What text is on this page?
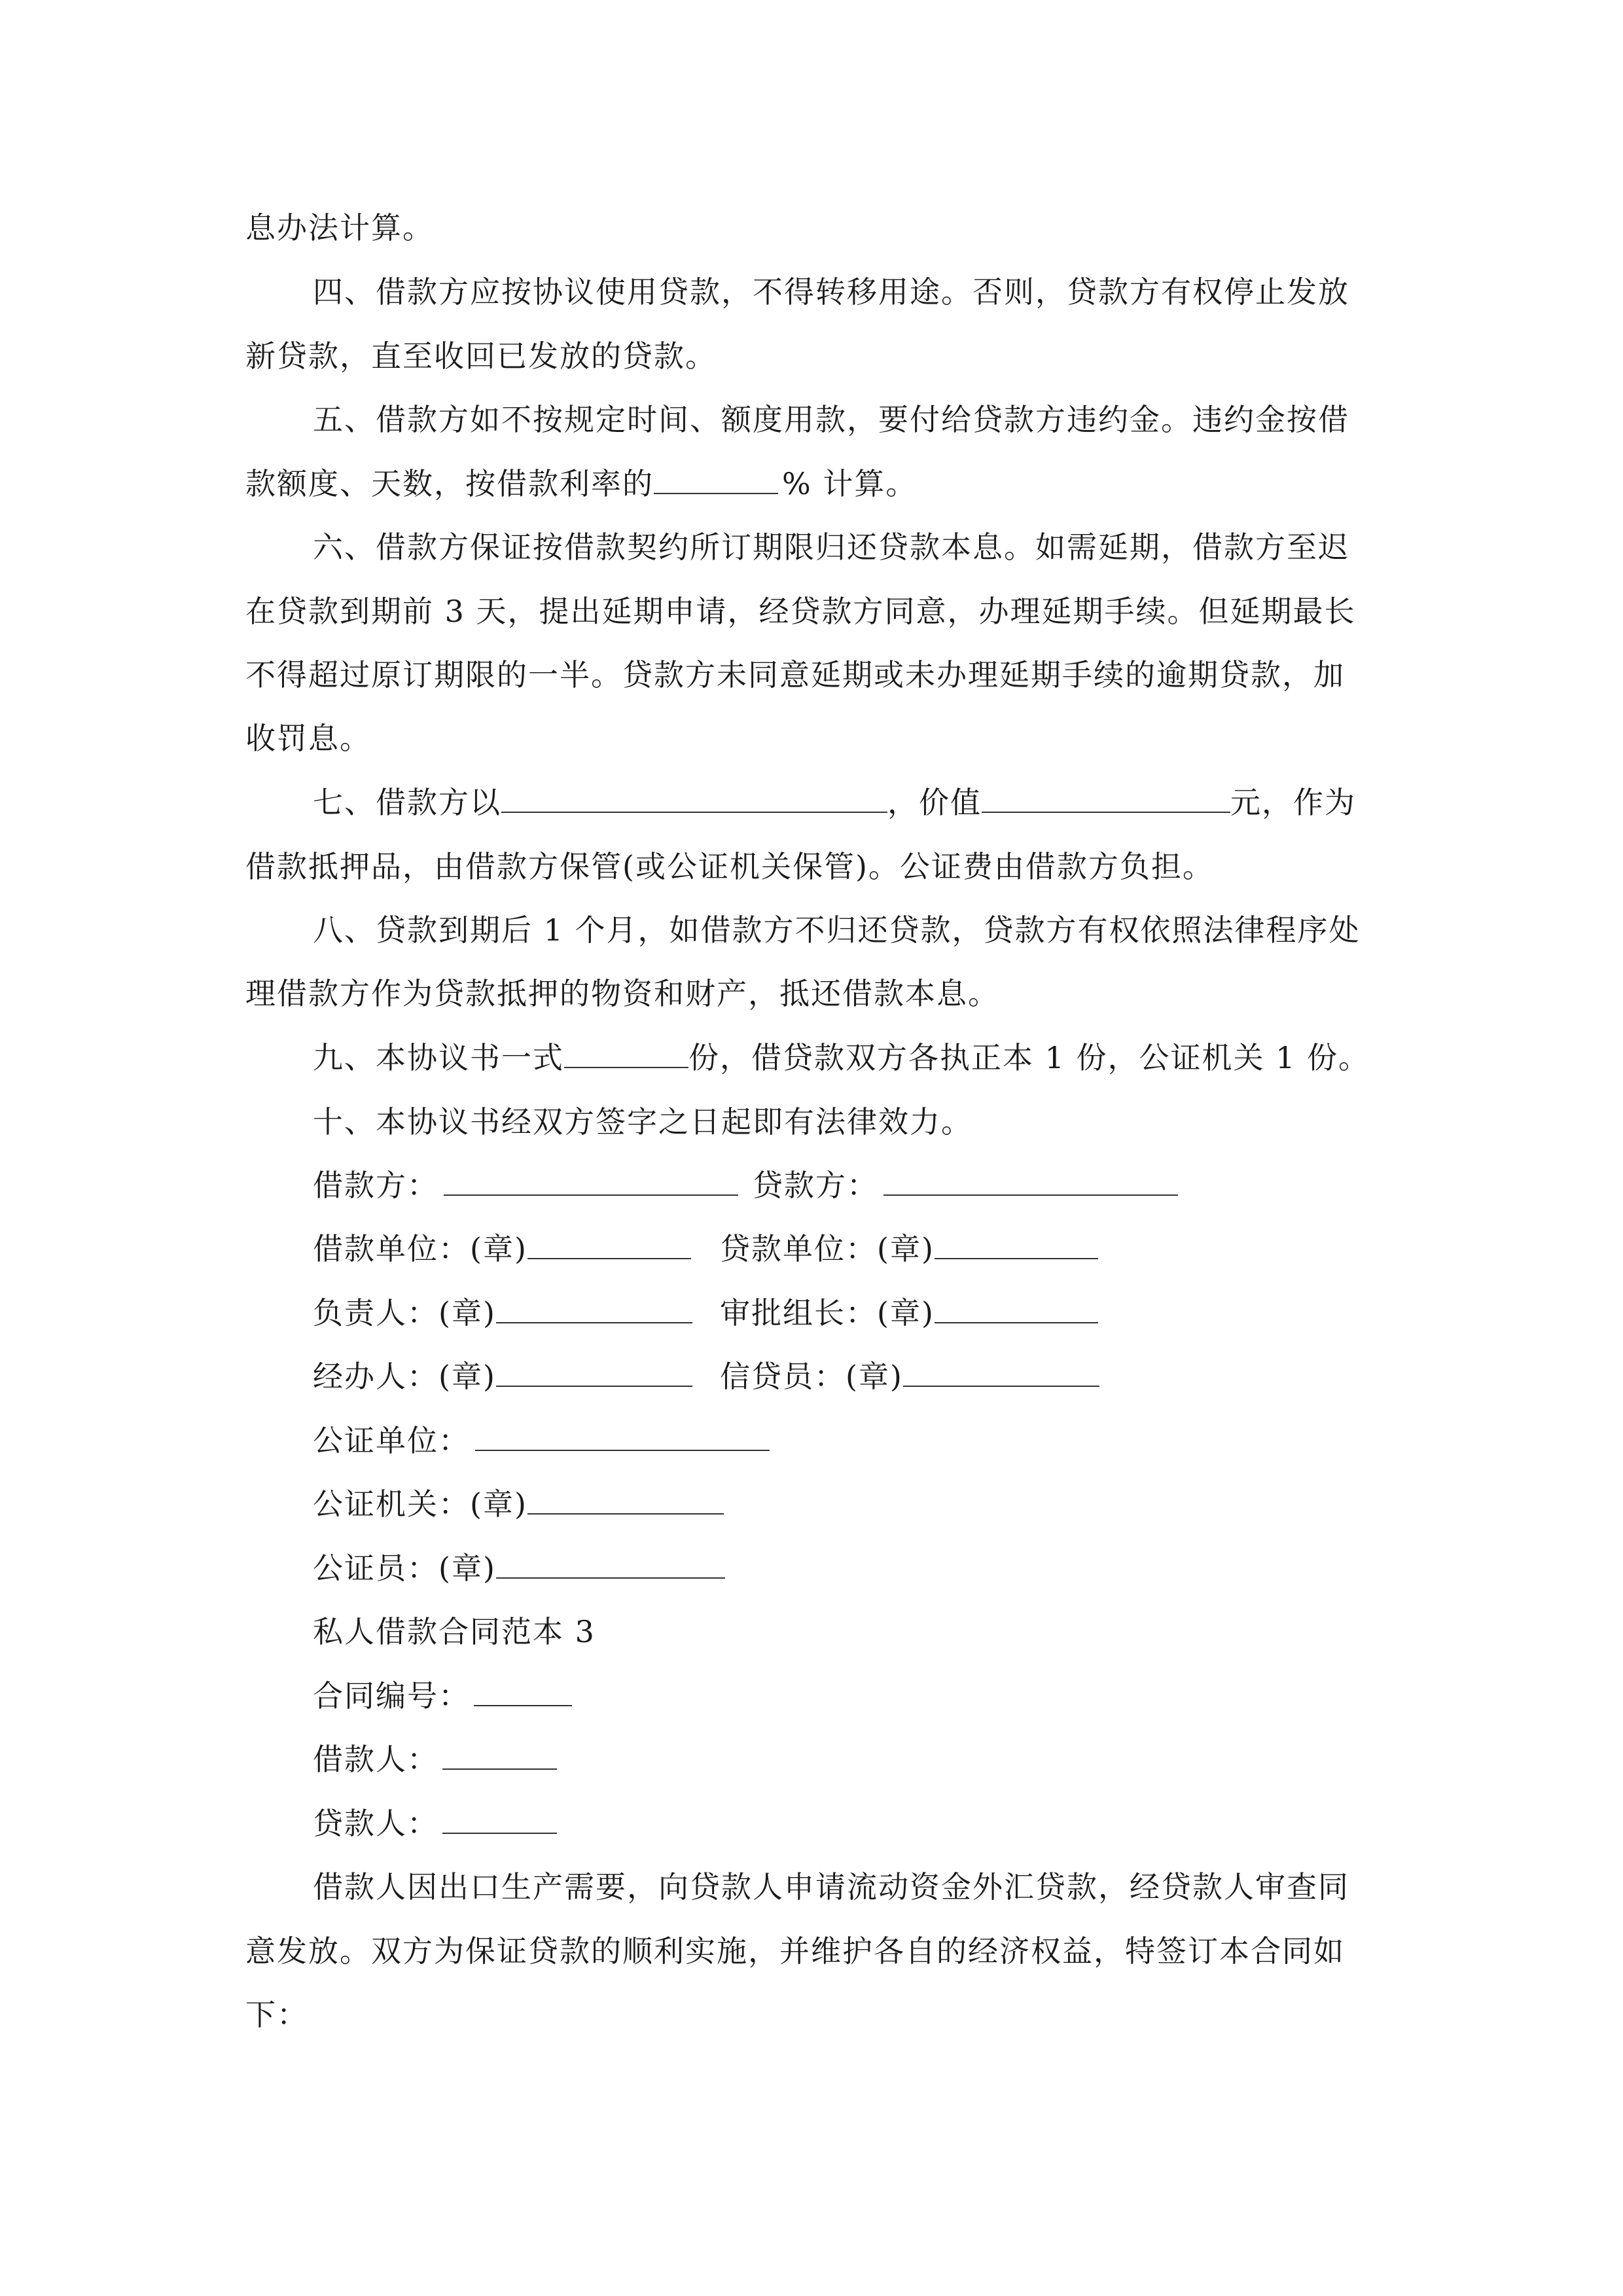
息办法计算。
四、借款方应按协议使用贷款，不得转移用途。否则，贷款方有权停止发放
新贷款，直至收回已发放的贷款。
五、借款方如不按规定时间、额度用款，要付给贷款方违约金。违约金按借
款额度、天数，按借款利率的	% 计算。
六、借款方保证按借款契约所订期限归还贷款本息。如需延期，借款方至迟
在贷款到期前 3 天，提出延期申请，经贷款方同意，办理延期手续。但延期最长
不得超过原订期限的一半。贷款方未同意延期或未办理延期手续的逾期贷款，加
收罚息。
七、借款方以	，价值	元，作为
借款抵押品，由借款方保管(或公证机关保管)。公证费由借款方负担。
八、贷款到期后 1 个月，如借款方不归还贷款，贷款方有权依照法律程序处
理借款方作为贷款抵押的物资和财产，抵还借款本息。
九、本协议书一式	份，借贷款双方各执正本 1 份，公证机关 1 份。
十、本协议书经双方签字之日起即有法律效力。
借款方：	贷款方：
借款单位：(章)	贷款单位：(章)
负责人：(章)	审批组长：(章)
经办人：(章)	信贷员：(章)
公证单位：
公证机关：(章)
公证员：(章)
私人借款合同范本 3
合同编号：
借款人：
贷款人：
借款人因出口生产需要，向贷款人申请流动资金外汇贷款，经贷款人审查同
意发放。双方为保证贷款的顺利实施，并维护各自的经济权益，特签订本合同如
下：
